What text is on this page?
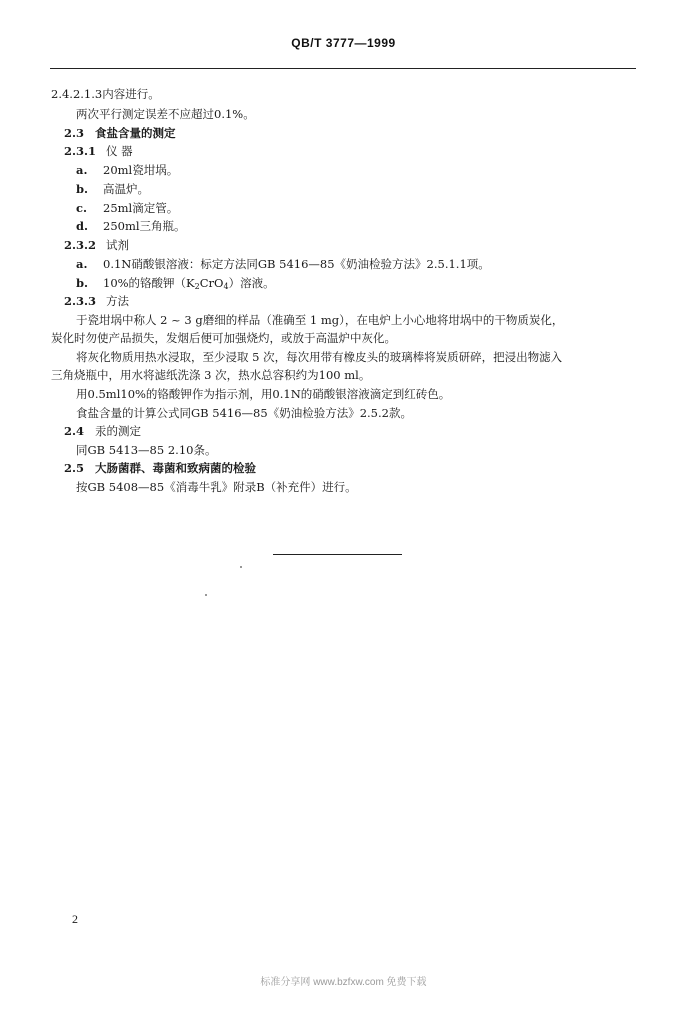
QB/T 3777—1999
2.4.2.1.3内容进行。
两次平行测定误差不应超过0.1%。
2.3 食盐含量的测定
2.3.1 仪 器
a. 20ml瓷坩埚。
b. 高温炉。
c. 25ml滴定管。
d. 250ml三角瓶。
2.3.2 试剂
a. 0.1N硝酸银溶液：标定方法同GB 5416—85《奶油检验方法》2.5.1.1项。
b. 10%的铬酸钾$(K_2CrO_4)$溶液。
2.3.3 方法
于瓷坩埚中称人 2 ~ 3 g磨细的样品（准确至 1 mg），在电炉上小心地将坩埚中的干物质炭化，
炭化时勿使产品损失，发烟后便可加强烧灼，或放于高温炉中灰化。
将灰化物质用热水浸取，至少浸取 5 次，每次用带有橡皮头的玻璃棒将炭质研碎，把浸出物滤入
三角烧瓶中，用水将滤纸洗涤 3 次，热水总容积约为100 ml。
用0.5ml10%的铬酸钾作为指示剂，用0.1N的硝酸银溶液滴定到红砖色。
食盐含量的计算公式同GB 5416—85《奶油检验方法》2.5.2款。
2.4 汞的测定
同GB 5413—85 2.10条。
2.5 大肠菌群、毒菌和致病菌的检验
按GB 5408—85《消毒牛乳》附录B（补充件）进行。
2
标准分享网 www.bzfxw.com 免费下载
